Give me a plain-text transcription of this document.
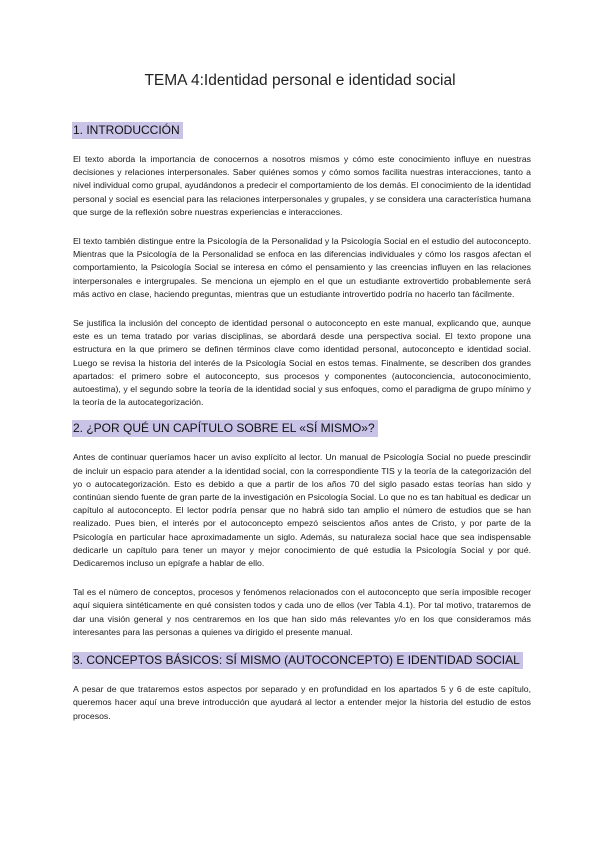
TEMA 4:Identidad personal e identidad social
1. INTRODUCCIÓN

El texto aborda la importancia de conocernos a nosotros mismos y cómo este conocimiento influye en nuestras decisiones y relaciones interpersonales. Saber quiénes somos y cómo somos facilita nuestras interacciones, tanto a nivel individual como grupal, ayudándonos a predecir el comportamiento de los demás. El conocimiento de la identidad personal y social es esencial para las relaciones interpersonales y grupales, y se considera una característica humana que surge de la reflexión sobre nuestras experiencias e interacciones.

El texto también distingue entre la Psicología de la Personalidad y la Psicología Social en el estudio del autoconcepto. Mientras que la Psicología de la Personalidad se enfoca en las diferencias individuales y cómo los rasgos afectan el comportamiento, la Psicología Social se interesa en cómo el pensamiento y las creencias influyen en las relaciones interpersonales e intergrupales. Se menciona un ejemplo en el que un estudiante extrovertido probablemente será más activo en clase, haciendo preguntas, mientras que un estudiante introvertido podría no hacerlo tan fácilmente.

Se justifica la inclusión del concepto de identidad personal o autoconcepto en este manual, explicando que, aunque este es un tema tratado por varias disciplinas, se abordará desde una perspectiva social. El texto propone una estructura en la que primero se definen términos clave como identidad personal, autoconcepto e identidad social. Luego se revisa la historia del interés de la Psicología Social en estos temas. Finalmente, se describen dos grandes apartados: el primero sobre el autoconcepto, sus procesos y componentes (autoconciencia, autoconocimiento, autoestima), y el segundo sobre la teoría de la identidad social y sus enfoques, como el paradigma de grupo mínimo y la teoría de la autocategorización.

2. ¿POR QUÉ UN CAPÍTULO SOBRE EL «SÍ MISMO»?

Antes de continuar queríamos hacer un aviso explícito al lector. Un manual de Psicología Social no puede prescindir de incluir un espacio para atender a la identidad social, con la correspondiente TIS y la teoría de la categorización del yo o autocategorización. Esto es debido a que a partir de los años 70 del siglo pasado estas teorías han sido y continúan siendo fuente de gran parte de la investigación en Psicología Social. Lo que no es tan habitual es dedicar un capítulo al autoconcepto. El lector podría pensar que no habrá sido tan amplio el número de estudios que se han realizado. Pues bien, el interés por el autoconcepto empezó seiscientos años antes de Cristo, y por parte de la Psicología en particular hace aproximadamente un siglo. Además, su naturaleza social hace que sea indispensable dedicarle un capítulo para tener un mayor y mejor conocimiento de qué estudia la Psicología Social y por qué. Dedicaremos incluso un epígrafe a hablar de ello.

Tal es el número de conceptos, procesos y fenómenos relacionados con el autoconcepto que sería imposible recoger aquí siquiera sintéticamente en qué consisten todos y cada uno de ellos (ver Tabla 4.1). Por tal motivo, trataremos de dar una visión general y nos centraremos en los que han sido más relevantes y/o en los que consideramos más interesantes para las personas a quienes va dirigido el presente manual.

3. CONCEPTOS BÁSICOS: SÍ MISMO (AUTOCONCEPTO) E IDENTIDAD SOCIAL

A pesar de que trataremos estos aspectos por separado y en profundidad en los apartados 5 y 6 de este capítulo, queremos hacer aquí una breve introducción que ayudará al lector a entender mejor la historia del estudio de estos procesos.
